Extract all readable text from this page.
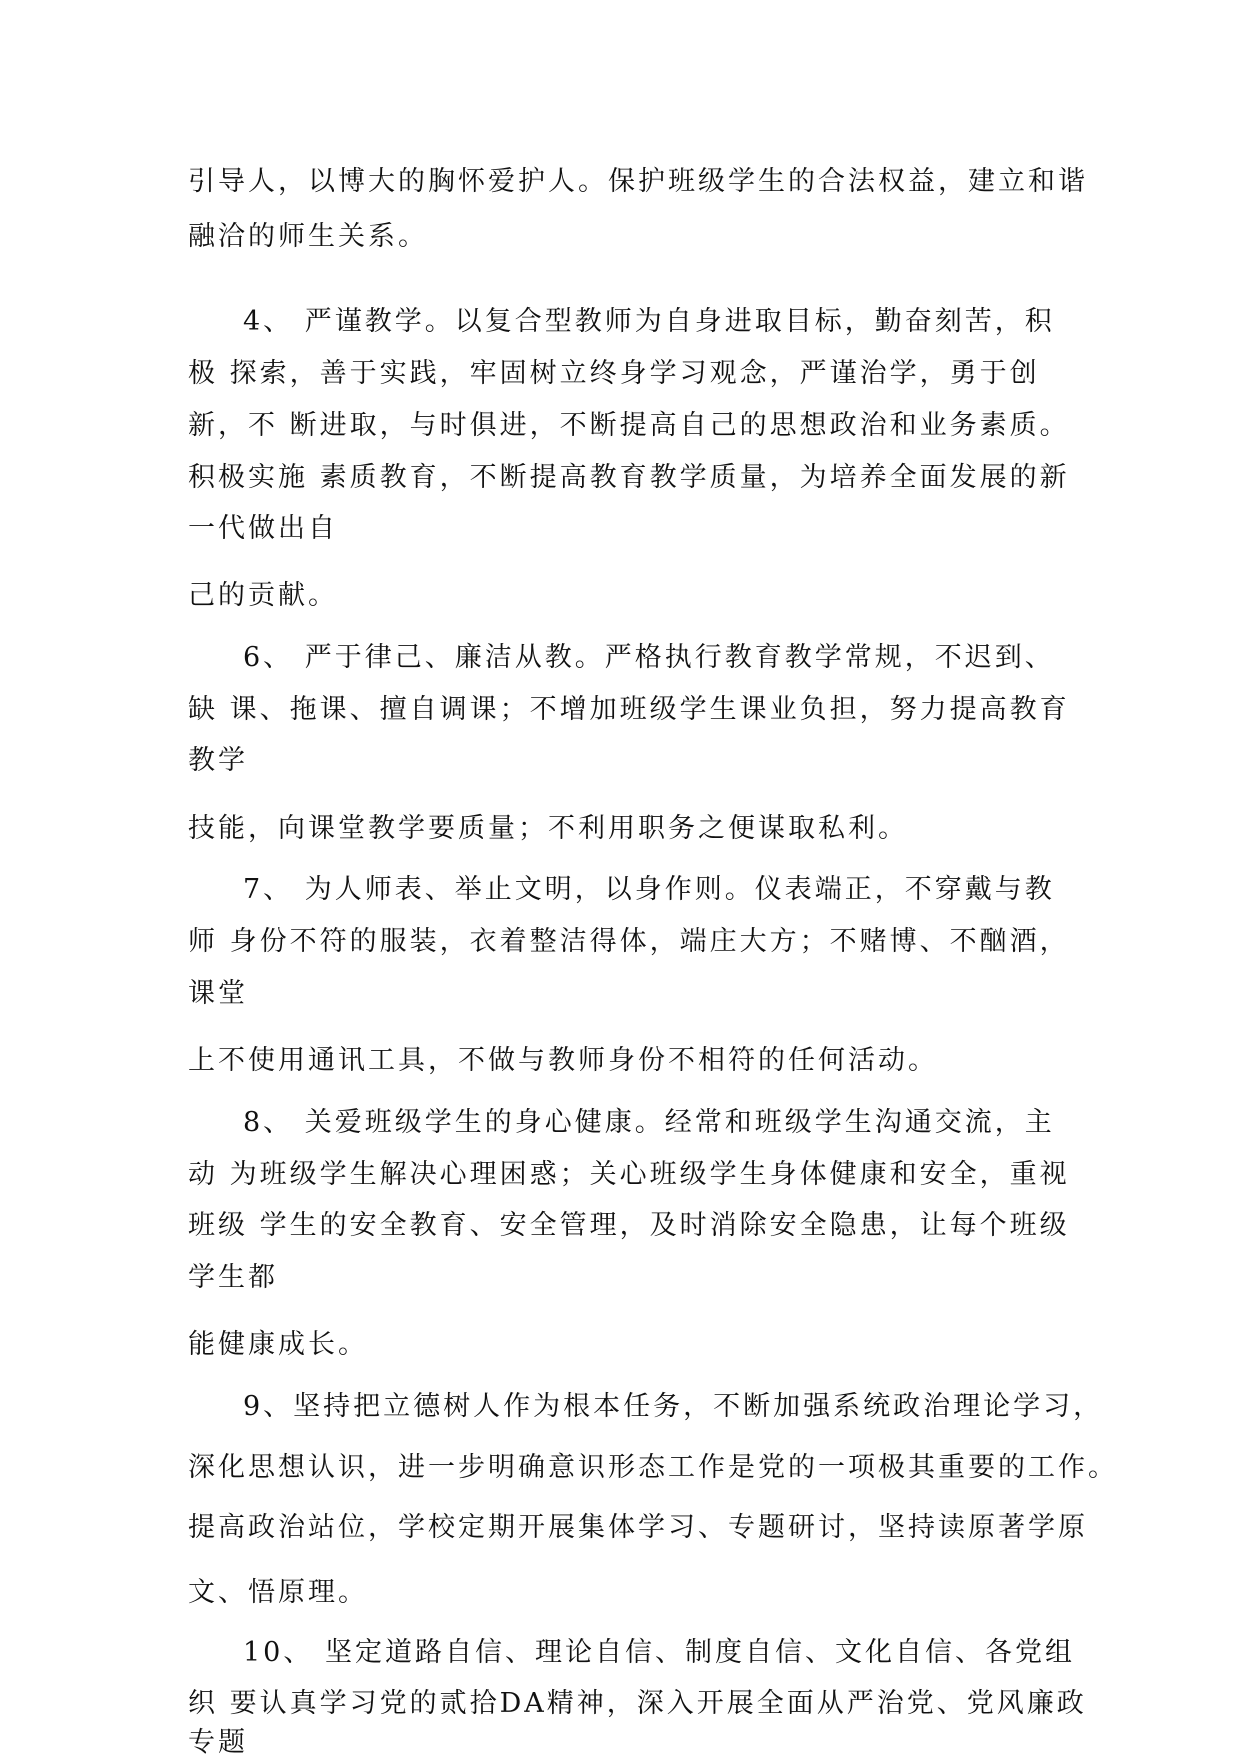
引导人，以博大的胸怀爱护人。保护班级学生的合法权益，建立和谐
融洽的师生关系。
4、 严谨教学。以复合型教师为自身进取目标，勤奋刻苦，积
极 探索，善于实践，牢固树立终身学习观念，严谨治学，勇于创
新，不 断进取，与时俱进，不断提高自己的思想政治和业务素质。
积极实施 素质教育，不断提高教育教学质量，为培养全面发展的新
一代做出自
己的贡献。
6、 严于律己、廉洁从教。严格执行教育教学常规，不迟到、
缺 课、拖课、擅自调课；不增加班级学生课业负担，努力提高教育
教学
技能，向课堂教学要质量；不利用职务之便谋取私利。
7、 为人师表、举止文明，以身作则。仪表端正，不穿戴与教
师 身份不符的服装，衣着整洁得体，端庄大方；不赌博、不酗酒，
课堂
上不使用通讯工具，不做与教师身份不相符的任何活动。
8、 关爱班级学生的身心健康。经常和班级学生沟通交流，主
动 为班级学生解决心理困惑；关心班级学生身体健康和安全，重视
班级 学生的安全教育、安全管理，及时消除安全隐患，让每个班级
学生都
能健康成长。
9、坚持把立德树人作为根本任务，不断加强系统政治理论学习，
深化思想认识，进一步明确意识形态工作是党的一项极其重要的工作。
提高政治站位，学校定期开展集体学习、专题研讨，坚持读原著学原
文、悟原理。
10、 坚定道路自信、理论自信、制度自信、文化自信、各党组
织 要认真学习党的贰拾DA精神，深入开展全面从严治党、党风廉政
专题
